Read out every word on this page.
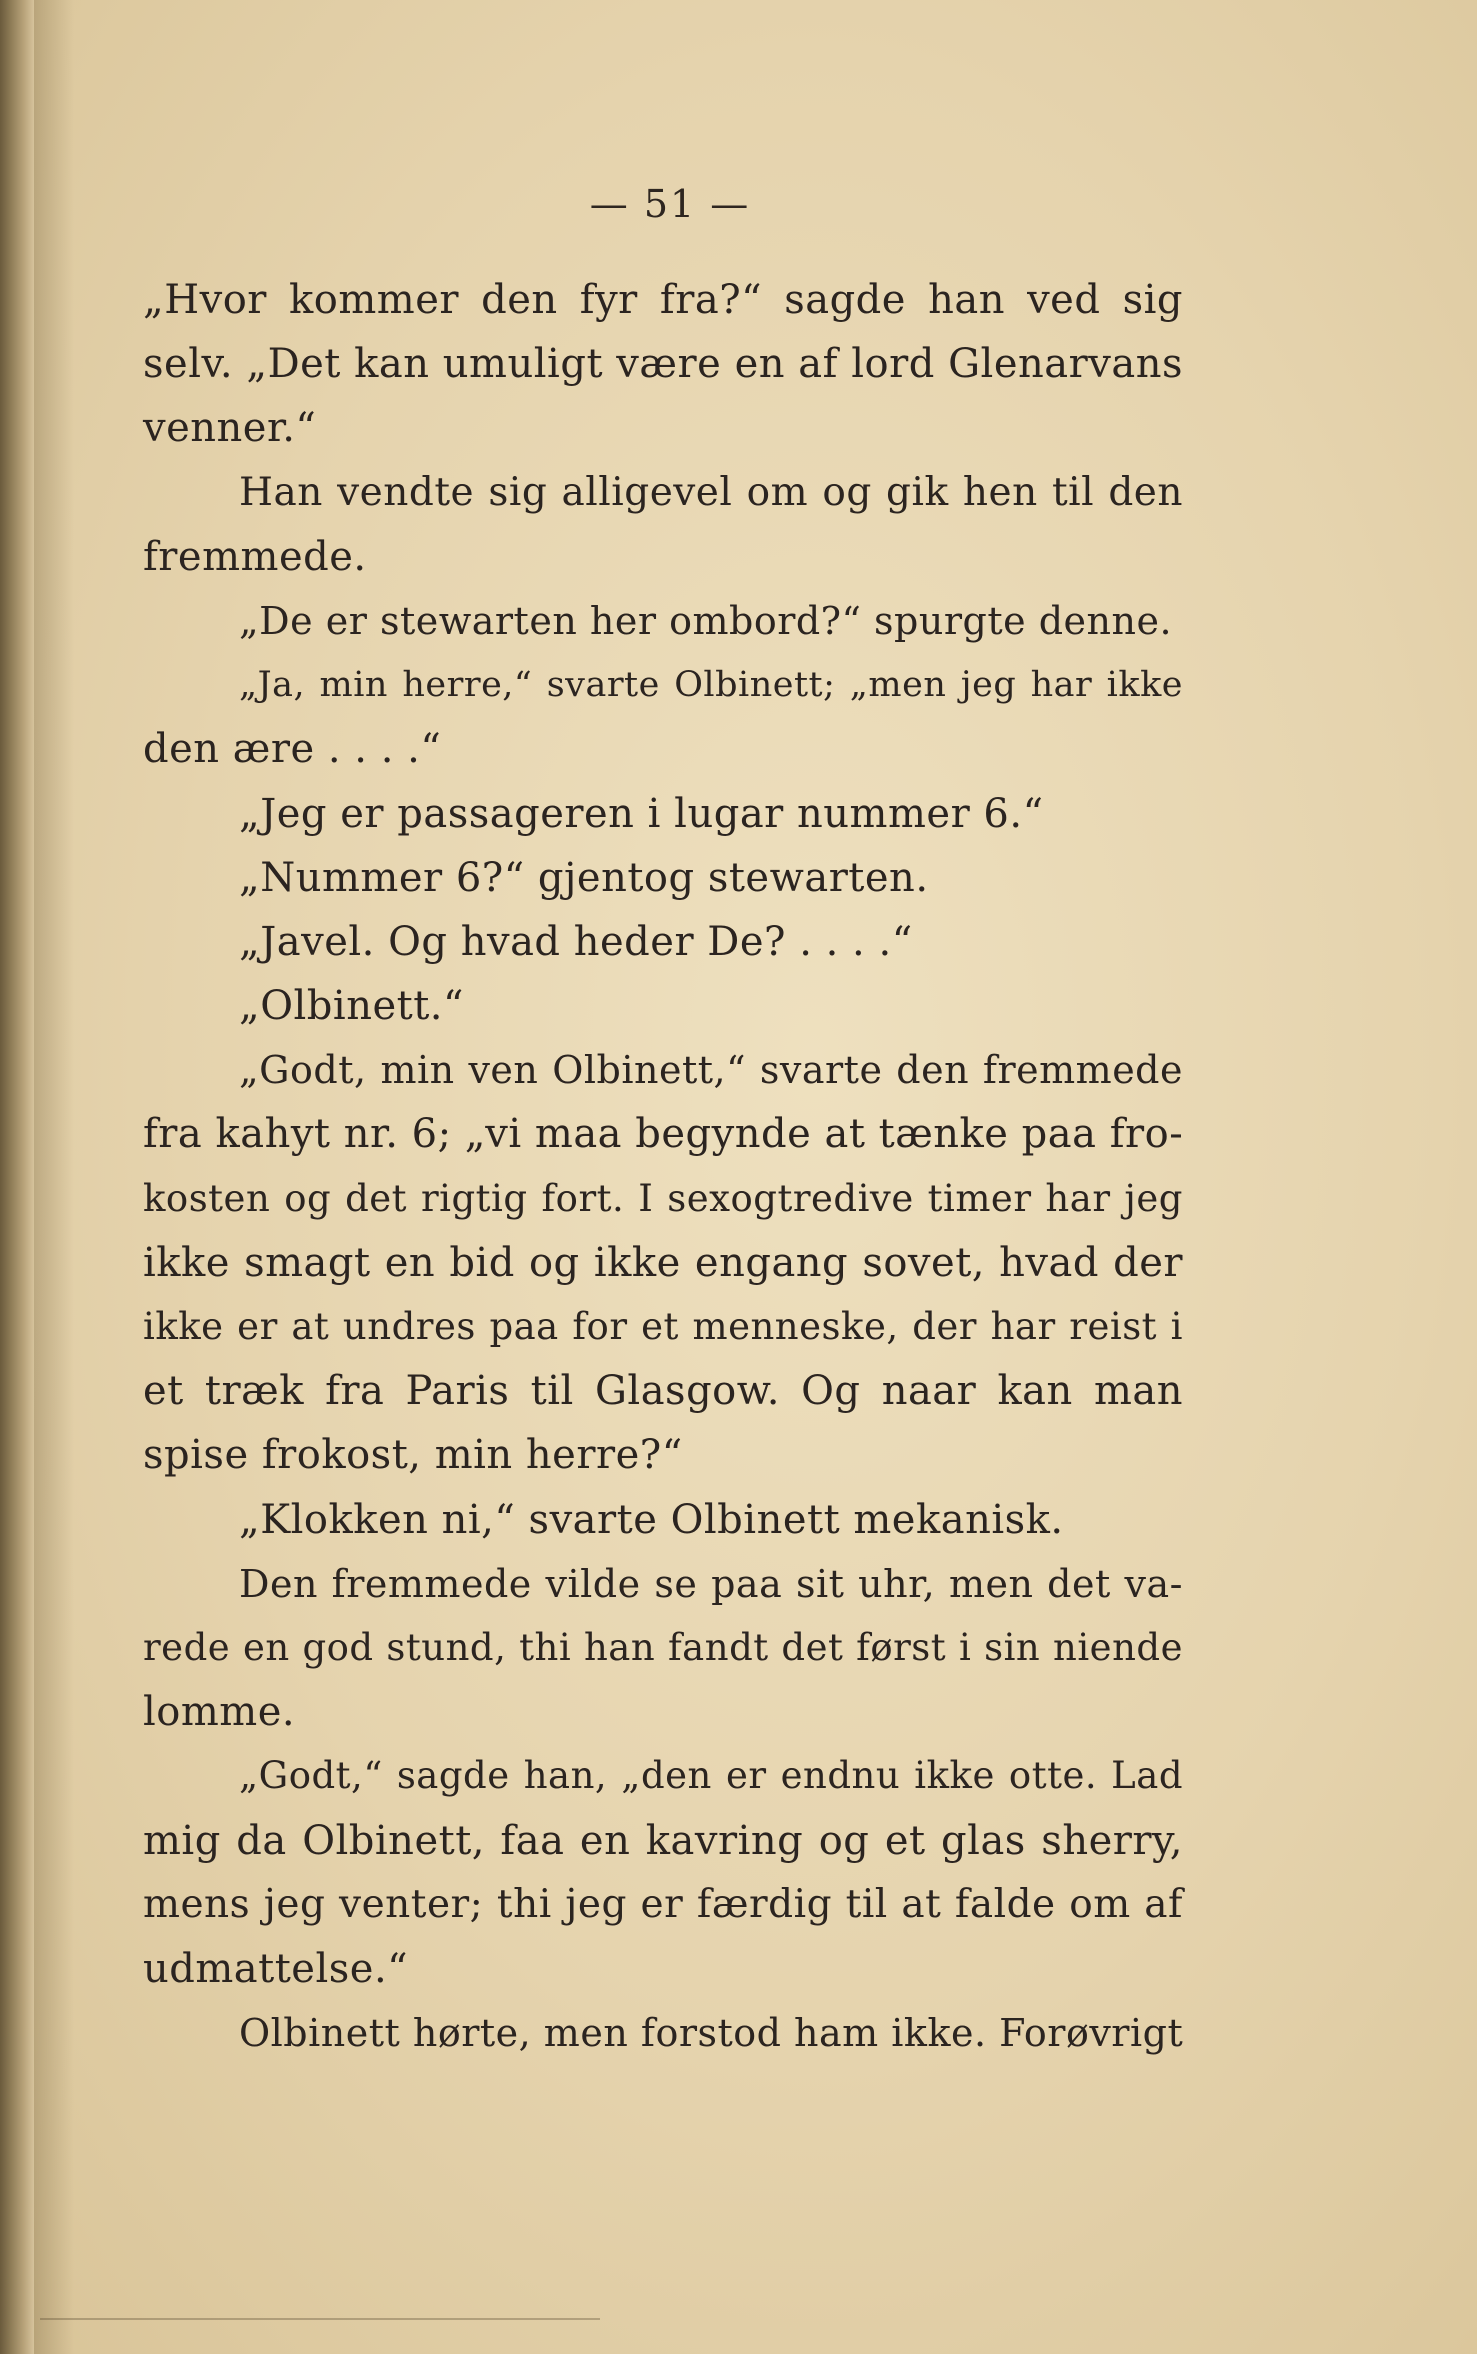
— 51 —
„Hvor kommer den fyr fra?“ sagde han ved sig
selv. „Det kan umuligt være en af lord Glenarvans
venner.“
Han vendte sig alligevel om og gik hen til den
fremmede.
„De er stewarten her ombord?“ spurgte denne.
„Ja, min herre,“ svarte Olbinett; „men jeg har ikke
den ære . . . .“
„Jeg er passageren i lugar nummer 6.“
„Nummer 6?“ gjentog stewarten.
„Javel. Og hvad heder De? . . . .“
„Olbinett.“
„Godt, min ven Olbinett,“ svarte den fremmede
fra kahyt nr. 6; „vi maa begynde at tænke paa fro-
kosten og det rigtig fort. I sexogtredive timer har jeg
ikke smagt en bid og ikke engang sovet, hvad der
ikke er at undres paa for et menneske, der har reist i
et træk fra Paris til Glasgow. Og naar kan man
spise frokost, min herre?“
„Klokken ni,“ svarte Olbinett mekanisk.
Den fremmede vilde se paa sit uhr, men det va-
rede en god stund, thi han fandt det først i sin niende
lomme.
„Godt,“ sagde han, „den er endnu ikke otte. Lad
mig da Olbinett, faa en kavring og et glas sherry,
mens jeg venter; thi jeg er færdig til at falde om af
udmattelse.“
Olbinett hørte, men forstod ham ikke. Forøvrigt
